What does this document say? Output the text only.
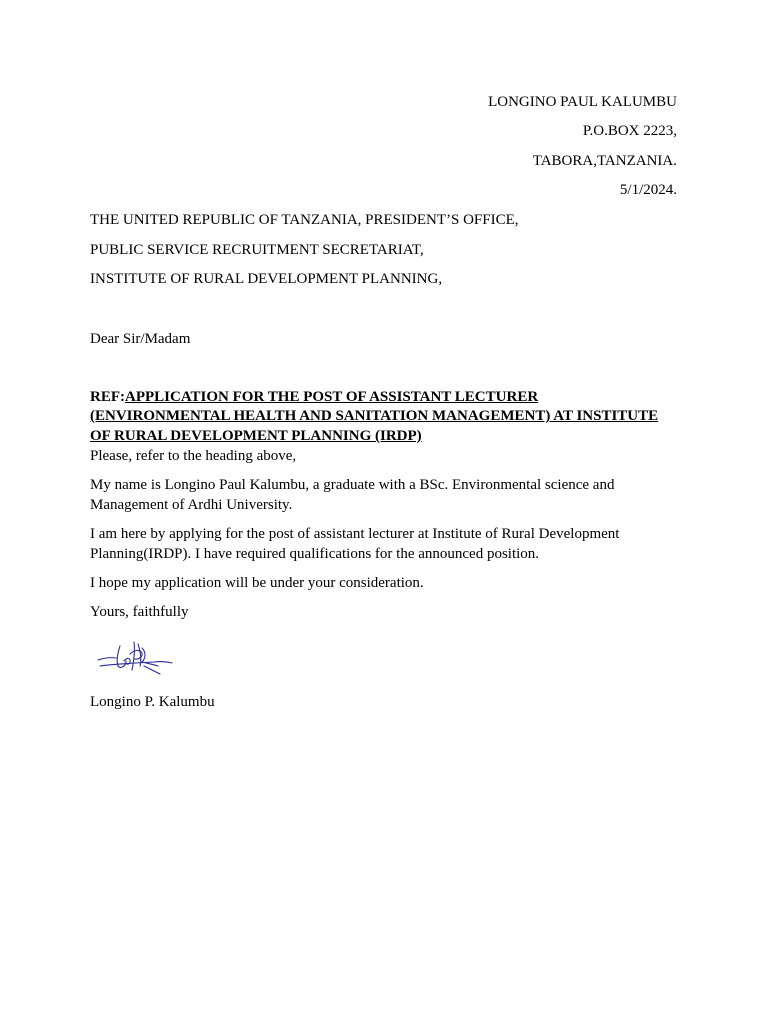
LONGINO PAUL KALUMBU

P.O.BOX 2223,

TABORA,TANZANIA.

5/1/2024.

THE UNITED REPUBLIC OF TANZANIA, PRESIDENT’S OFFICE,

PUBLIC SERVICE RECRUITMENT SECRETARIAT,

INSTITUTE OF RURAL DEVELOPMENT PLANNING,

Dear Sir/Madam

REF:APPLICATION FOR THE POST OF ASSISTANT LECTURER

(ENVIRONMENTAL HEALTH AND SANITATION MANAGEMENT) AT INSTITUTE

OF RURAL DEVELOPMENT PLANNING (IRDP)

Please, refer to the heading above,

My name is Longino Paul Kalumbu, a graduate with a BSc. Environmental science and Management of Ardhi University.

I am here by applying for the post of assistant lecturer at Institute of Rural Development Planning(IRDP). I have required qualifications for the announced position.

I hope my application will be under your consideration.

Yours, faithfully

Longino P. Kalumbu
